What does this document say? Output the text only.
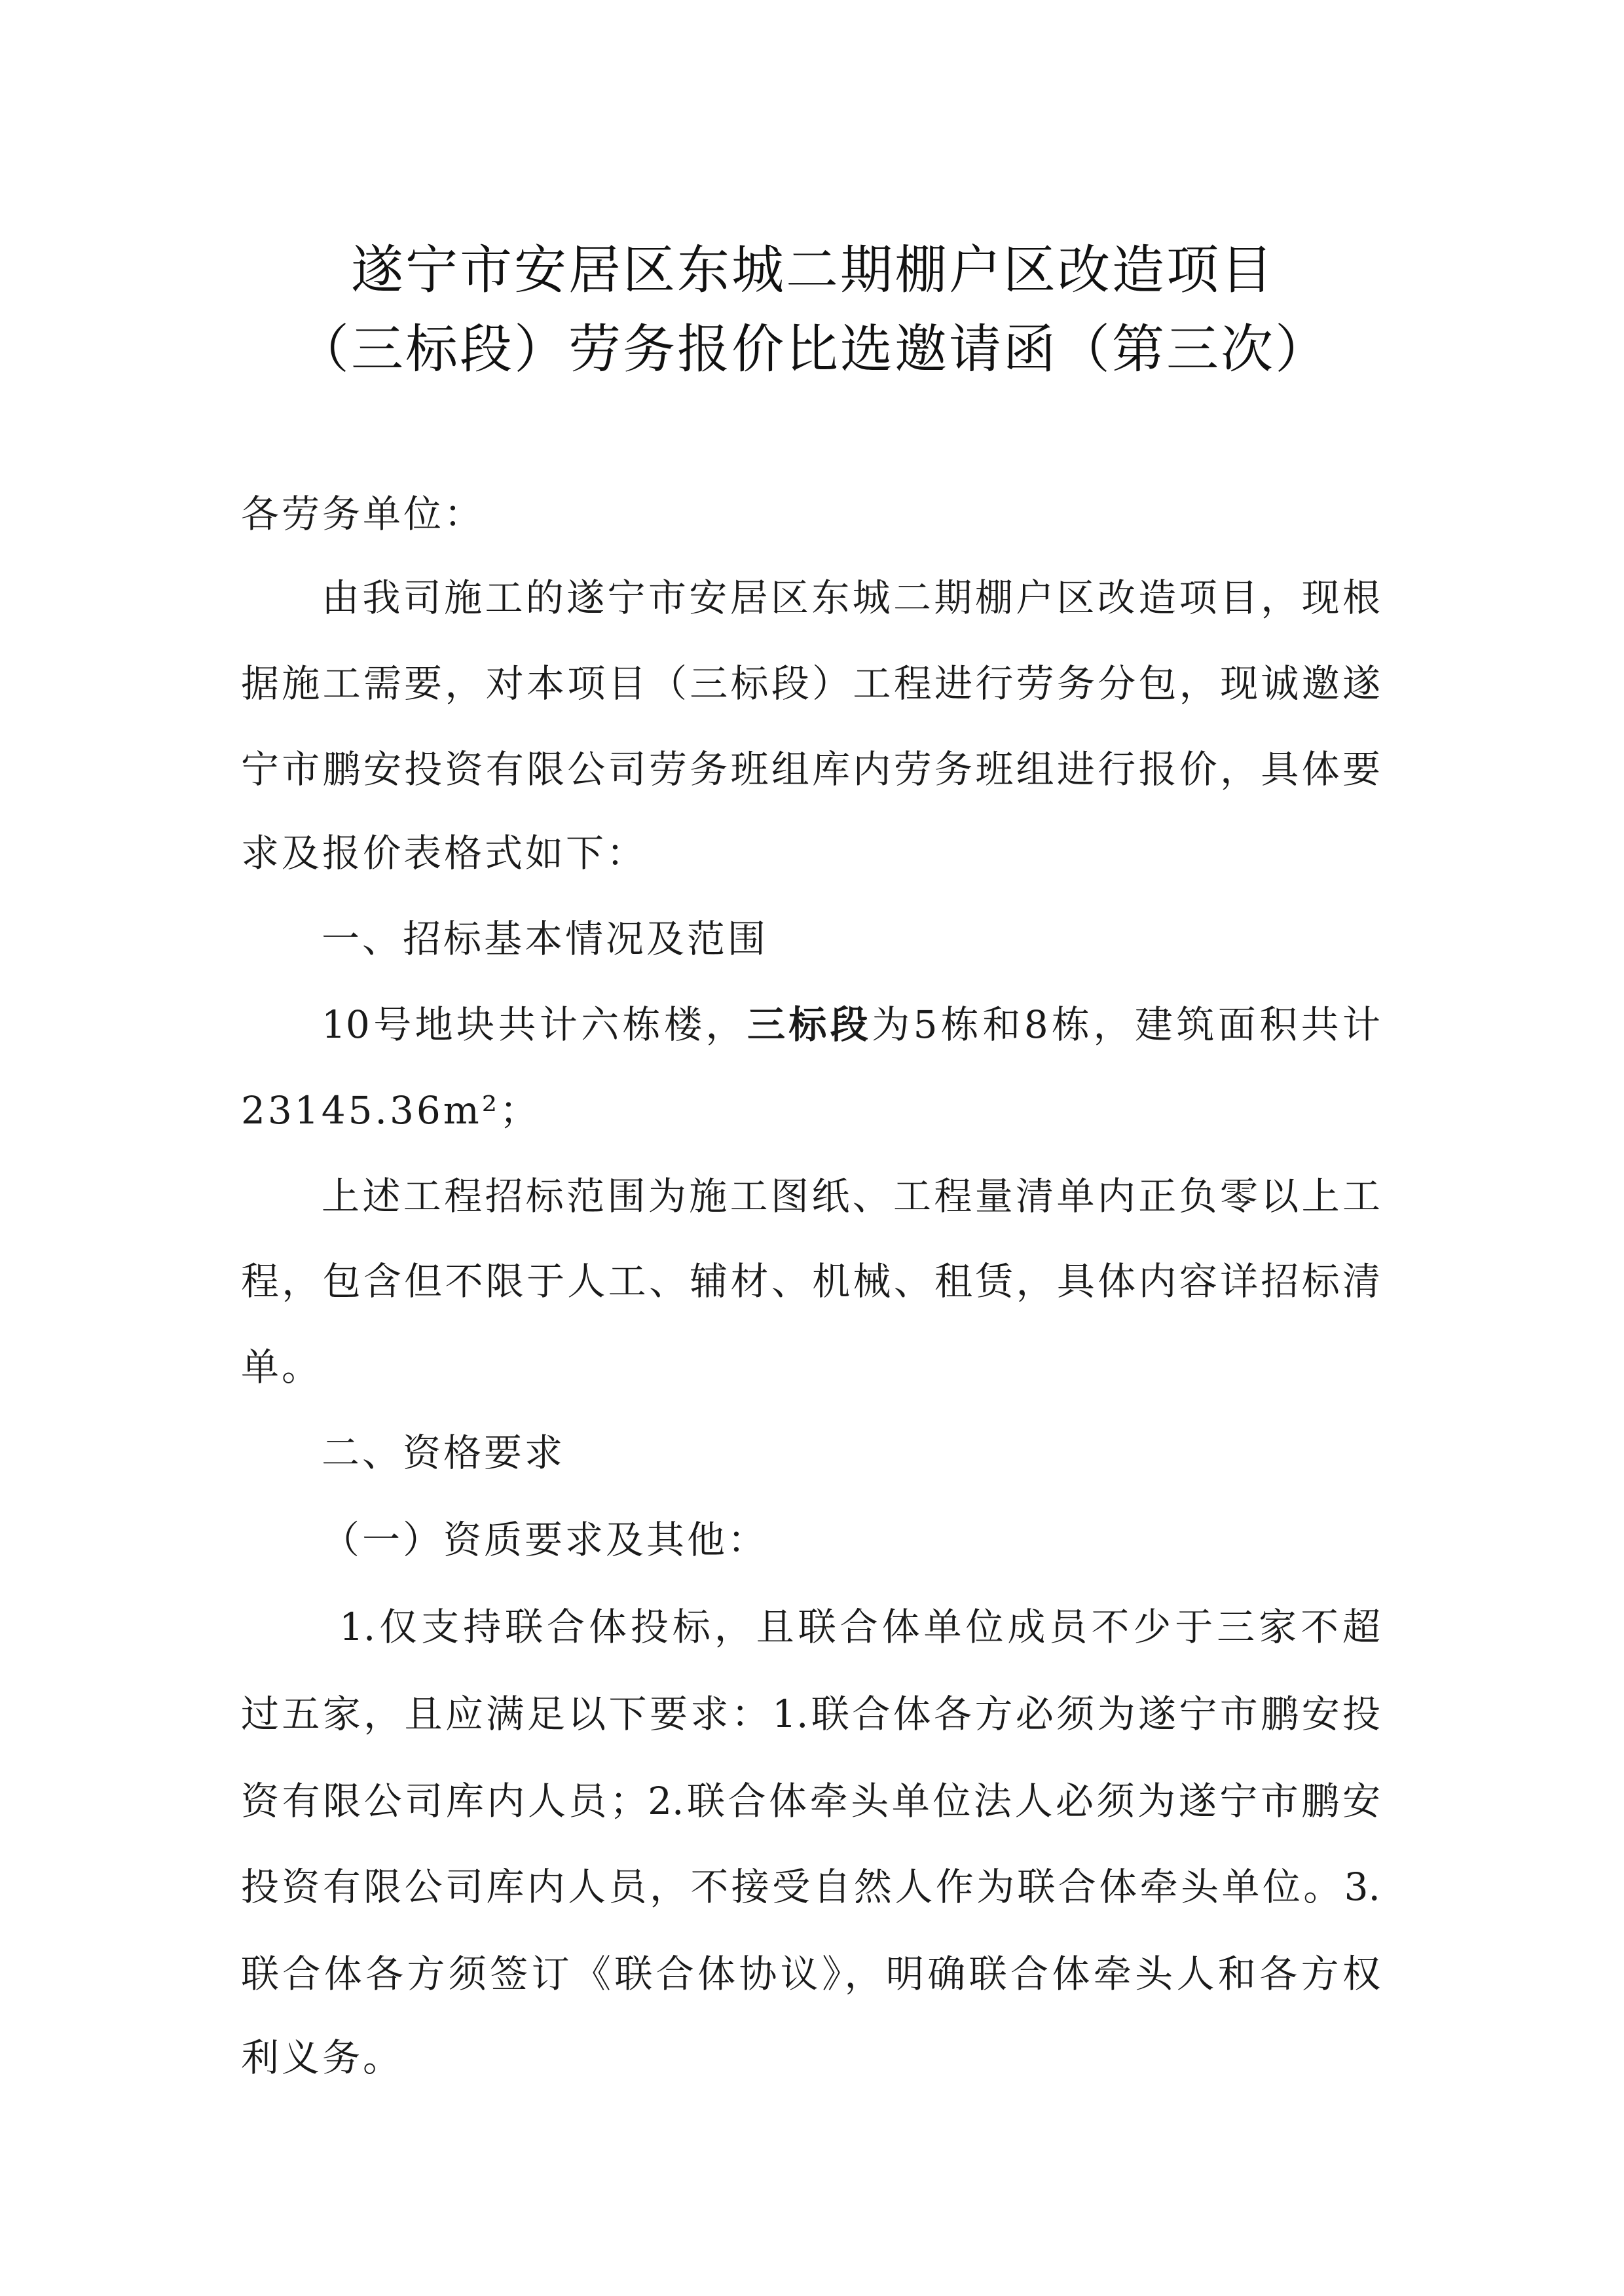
遂宁市安居区东城二期棚户区改造项目
（三标段）劳务报价比选邀请函（第三次）
各劳务单位：
由我司施工的遂宁市安居区东城二期棚户区改造项目，现根
据施工需要，对本项目（三标段）工程进行劳务分包，现诚邀遂
宁市鹏安投资有限公司劳务班组库内劳务班组进行报价，具体要
求及报价表格式如下：
一、招标基本情况及范围
10号地块共计六栋楼，三标段为5栋和8栋，建筑面积共计
23145.36m²；
上述工程招标范围为施工图纸、工程量清单内正负零以上工
程，包含但不限于人工、辅材、机械、租赁，具体内容详招标清
单。
二、资格要求
（一）资质要求及其他：
1.仅支持联合体投标，且联合体单位成员不少于三家不超
过五家，且应满足以下要求：1.联合体各方必须为遂宁市鹏安投
资有限公司库内人员；2.联合体牵头单位法人必须为遂宁市鹏安
投资有限公司库内人员，不接受自然人作为联合体牵头单位。3.
联合体各方须签订《联合体协议》，明确联合体牵头人和各方权
利义务。
